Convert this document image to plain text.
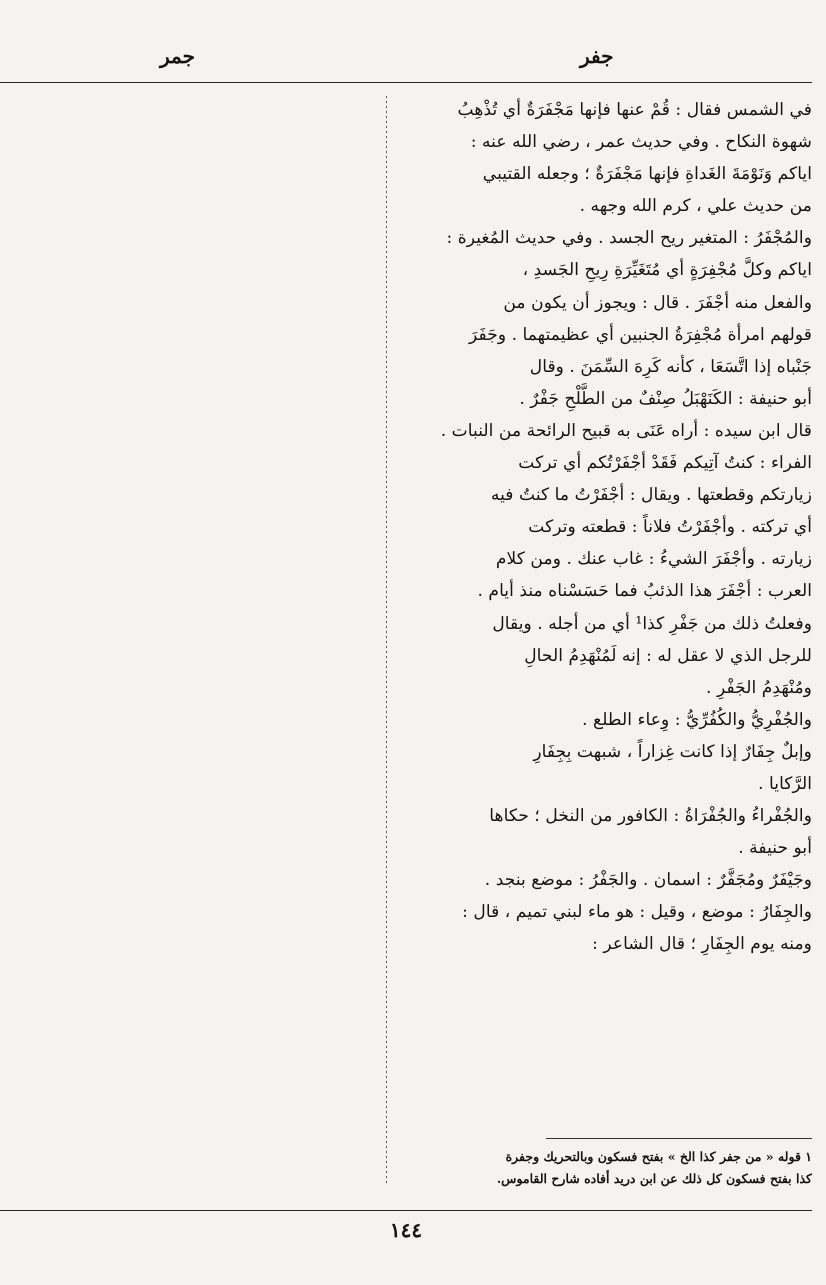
جفر
جمر
في الشمس فقال : قُمْ عنها فإنها مَجْفَرَةٌ أي تُذْهِبُ
شهوة النكاح . وفي حديث عمر ، رضي الله عنه :
اياكم وَنَوْمَةَ الغَداةِ فإنها مَجْفَرَةٌ ؛ وجعله القتيبي
من حديث علي ، كرم الله وجهه .
والمُجْفَرُ : المتغير ريح الجسد . وفي حديث المُغيرة :
اياكم وكلَّ مُجْفِرَةٍ أي مُتَغَيِّرَةِ رِيحِ الجَسدِ ،
والفعل منه أجْفَرَ . قال : ويجوز أن يكون من
قولهم امرأة مُجْفِرَةُ الجنبين أي عظيمتهما . وجَفَرَ
جَنْباه إذا اتَّسَعَا ، كأنه كَرِهَ السِّمَنَ . وقال
أبو حنيفة : الكَنَهْبَلُ صِنْفٌ من الطَّلْحِ جَفْرٌ .
قال ابن سيده : أراه عَنَى به قبيح الرائحة من النبات .
الفراء : كنتُ آتِيكم فَقَدْ أجْفَرْتُكم أي تركت
زيارتكم وقطعتها . ويقال : أجْفَرْتُ ما كنتُ فيه
أي تركته . وأجْفَرْتُ فلاناً : قطعته وتركت
زيارته . وأجْفَرَ الشيءُ : غاب عنك . ومن كلام
العرب : أجْفَرَ هذا الذئبُ فما حَسَسْناه منذ أيام .
وفعلتُ ذلك من جَفْرِ كذا¹ أي من أجله . ويقال
للرجل الذي لا عقل له : إنه لَمُنْهَدِمُ الحالِ
ومُنْهَدِمُ الجَفْرِ .
والجُفْرِيُّ والكُفُرِّيُّ : وِعاء الطلع .
وإبلٌ جِفَارٌ إذا كانت غِزاراً ، شبهت بِجِفَارِ
الرَّكايا .
والجُفْراءُ والجُفْرَاةُ : الكافور من النخل ؛ حكاها
أبو حنيفة .
وجَيْفَرٌ ومُجَفَّرٌ : اسمان . والجَفْرُ : موضع بنجد .
والجِفَارُ : موضع ، وقيل : هو ماء لبني تميم ، قال :
ومنه يوم الجِفَارِ ؛ قال الشاعر :
١ قوله « من جفر كذا الخ » بفتح فسكون وبالتحريك وجفرة
كذا بفتح فسكون كل ذلك عن ابن دريد أفاده شارح القاموس.
١٤٤
